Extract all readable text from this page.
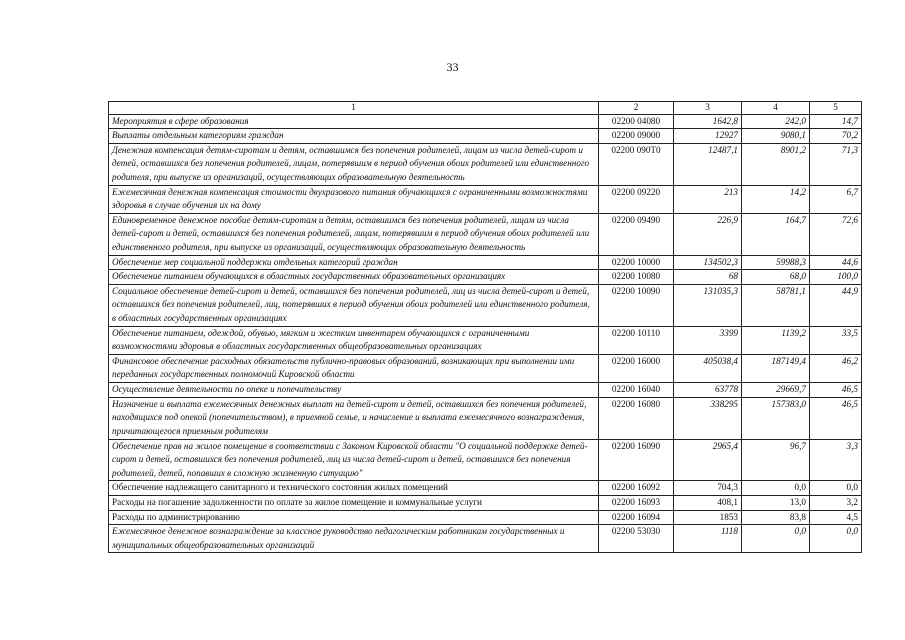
33
1	2	3	4	5
Мероприятия в сфере образования	02200 04080	1642,8	242,0	14,7
Выплаты отдельным категориям граждан	02200 09000	12927	9080,1	70,2
Денежная компенсация детям-сиротам и детям, оставшимся без попечения родителей, лицам из числа детей-сирот и детей, оставшихся без попечения родителей, лицам, потерявшим в период обучения обоих родителей или единственного родителя, при выпуске из организаций, осуществляющих образовательную деятельность	02200 090Т0	12487,1	8901,2	71,3
Ежемесячная денежная компенсация стоимости двухразового питания обучающихся с ограниченными возможностями здоровья в случае обучения их на дому	02200 09220	213	14,2	6,7
Единовременное денежное пособие детям-сиротам и детям, оставшимся без попечения родителей, лицам из числа детей-сирот и детей, оставшихся без попечения родителей, лицам, потерявшим в период обучения обоих родителей или единственного родителя, при выпуске из организаций, осуществляющих образовательную деятельность	02200 09490	226,9	164,7	72,6
Обеспечение мер социальной поддержки отдельных категорий граждан	02200 10000	134502,3	59988,3	44,6
Обеспечение питанием обучающихся в областных государственных образовательных организациях	02200 10080	68	68,0	100,0
Социальное обеспечение детей-сирот и детей, оставшихся без попечения родителей, лиц из числа детей-сирот и детей, оставшихся без попечения родителей, лиц, потерявших в период обучения обоих родителей или единственного родителя, в областных государственных организациях	02200 10090	131035,3	58781,1	44,9
Обеспечение питанием, одеждой, обувью, мягким и жестким инвентарем обучающихся с ограниченными возможностями здоровья в областных государственных общеобразовательных организациях	02200 10110	3399	1139,2	33,5
Финансовое обеспечение расходных обязательств публично-правовых образований, возникающих при выполнении ими переданных государственных полномочий Кировской области	02200 16000	405038,4	187149,4	46,2
Осуществление деятельности по опеке и попечительству	02200 16040	63778	29669,7	46,5
Назначение и выплата ежемесячных денежных выплат на детей-сирот и детей, оставшихся без попечения родителей, находящихся под опекой (попечительством), в приемной семье, и начисление и выплата ежемесячного вознаграждения, причитающегося приемным родителям	02200 16080	338295	157383,0	46,5
Обеспечение прав на жилое помещение в соответствии с Законом Кировской области "О социальной поддержке детей-сирот и детей, оставшихся без попечения родителей, лиц из числа детей-сирот и детей, оставшихся без попечения родителей, детей, попавших в сложную жизненную ситуацию"	02200 16090	2965,4	96,7	3,3
Обеспечение надлежащего санитарного и технического состояния жилых помещений	02200 16092	704,3	0,0	0,0
Расходы на погашение задолженности по оплате за жилое помещение и коммунальные услуги	02200 16093	408,1	13,0	3,2
Расходы по администрированию	02200 16094	1853	83,8	4,5
Ежемесячное денежное вознаграждение за классное руководство педагогическим работникам государственных и муниципальных общеобразовательных организаций	02200 53030	1118	0,0	0,0
